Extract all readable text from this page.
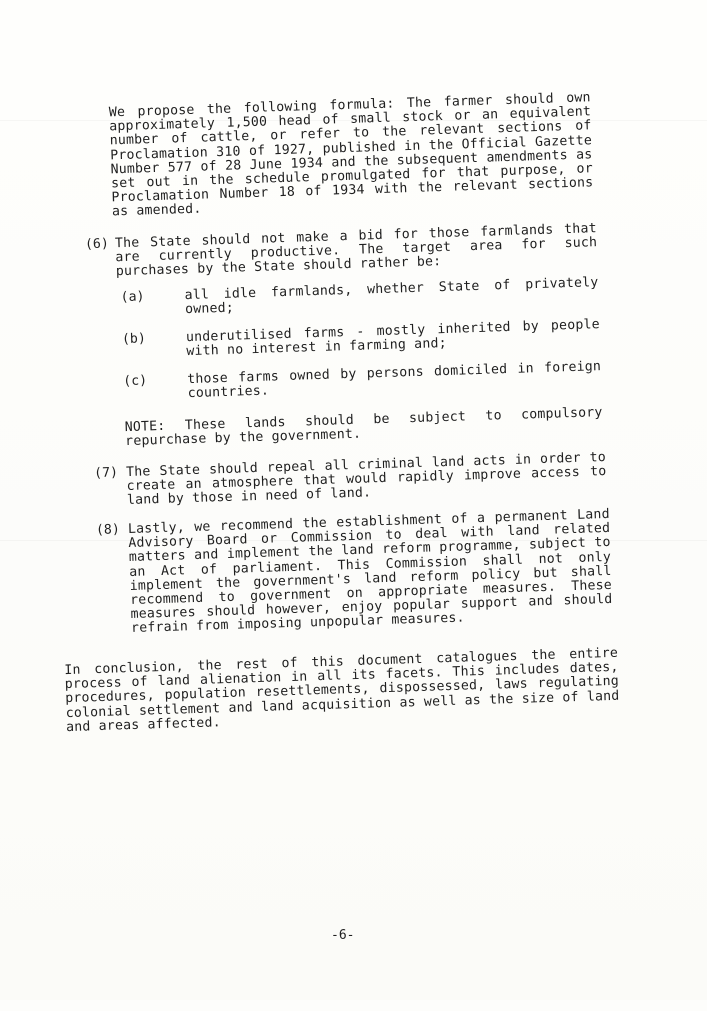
We propose the following formula: The farmer should own approximately 1,500 head of small stock or an equivalent number of cattle, or refer to the relevant sections of Proclamation 310 of 1927, published in the Official Gazette Number 577 of 28 June 1934 and the subsequent amendments as set out in the schedule promulgated for that purpose, or Proclamation Number 18 of 1934 with the relevant sections as amended.

(6) The State should not make a bid for those farmlands that are currently productive. The target area for such purchases by the State should rather be:

(a)	all idle farmlands, whether State of privately owned;

(b)	underutilised farms - mostly inherited by people with no interest in farming and;

(c)	those farms owned by persons domiciled in foreign countries.

NOTE: These lands should be subject to compulsory repurchase by the government.

(7) The State should repeal all criminal land acts in order to create an atmosphere that would rapidly improve access to land by those in need of land.

(8) Lastly, we recommend the establishment of a permanent Land Advisory Board or Commission to deal with land related matters and implement the land reform programme, subject to an Act of parliament. This Commission shall not only implement the government's land reform policy but shall recommend to government on appropriate measures. These measures should however, enjoy popular support and should refrain from imposing unpopular measures.

In conclusion, the rest of this document catalogues the entire process of land alienation in all its facets. This includes dates, procedures, population resettlements, dispossessed, laws regulating colonial settlement and land acquisition as well as the size of land and areas affected.

-6-
